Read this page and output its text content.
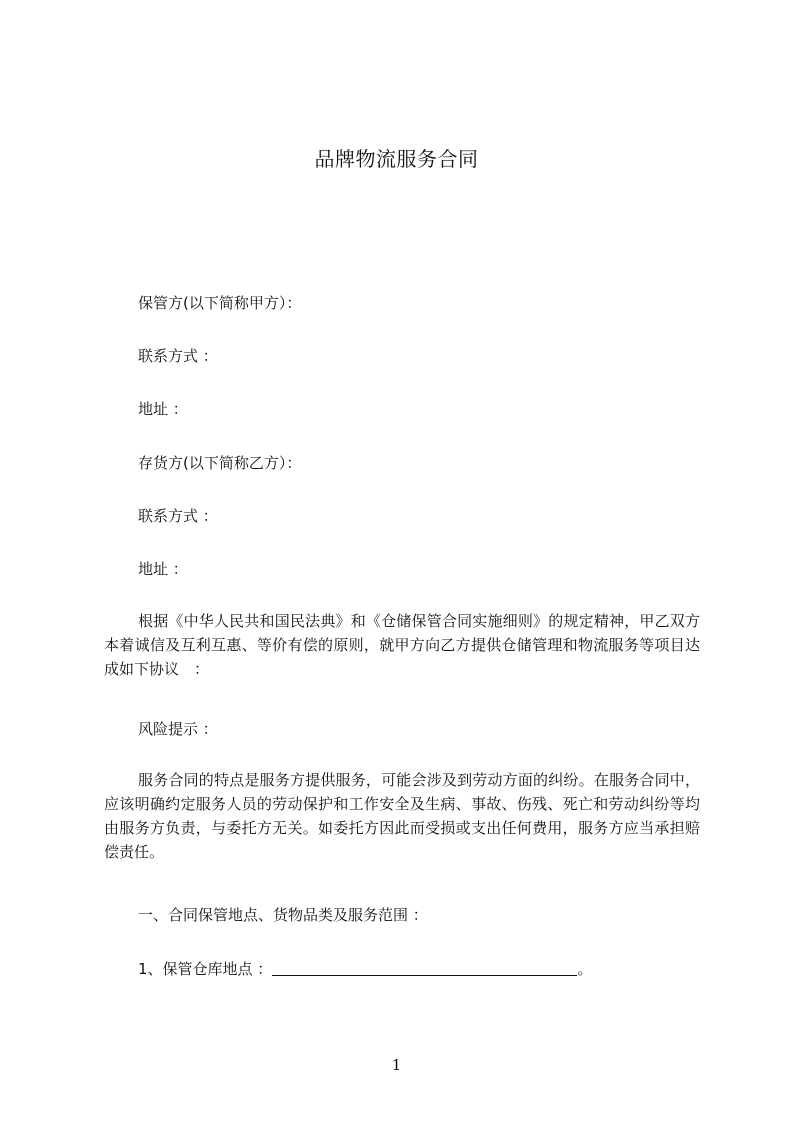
品牌物流服务合同
保管方(以下简称甲方）：
联系方式 ：
地址 ：
存货方(以下简称乙方）：
联系方式 ：
地址 ：

根据《中华人民共和国民法典》和《仓储保管合同实施细则》的规定精神，甲乙双方本着诚信及互利互惠、等价有偿的原则，就甲方向乙方提供仓储管理和物流服务等项目达成如下协议　：

风险提示 ：

服务合同的特点是服务方提供服务，可能会涉及到劳动方面的纠纷。在服务合同中，应该明确约定服务人员的劳动保护和工作安全及生病、事故、伤残、死亡和劳动纠纷等均由服务方负责，与委托方无关。如委托方因此而受损或支出任何费用，服务方应当承担赔偿责任。

一、合同保管地点、货物品类及服务范围 ：
1、保管仓库地点 ：	。
1
